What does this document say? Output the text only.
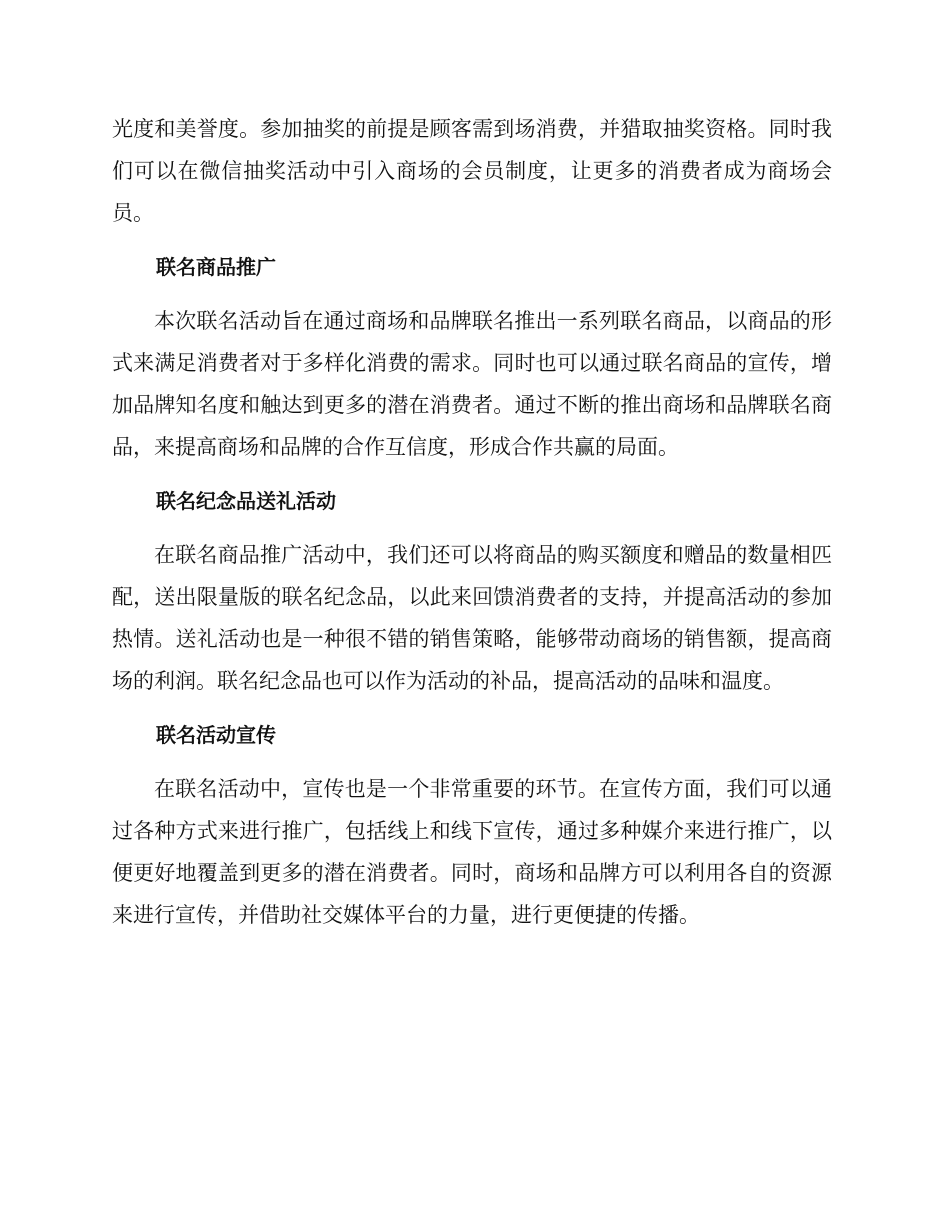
光度和美誉度。参加抽奖的前提是顾客需到场消费，并猎取抽奖资格。同时我们可以在微信抽奖活动中引入商场的会员制度，让更多的消费者成为商场会员。

联名商品推广

本次联名活动旨在通过商场和品牌联名推出一系列联名商品，以商品的形式来满足消费者对于多样化消费的需求。同时也可以通过联名商品的宣传，增加品牌知名度和触达到更多的潜在消费者。通过不断的推出商场和品牌联名商品，来提高商场和品牌的合作互信度，形成合作共赢的局面。

联名纪念品送礼活动

在联名商品推广活动中，我们还可以将商品的购买额度和赠品的数量相匹配，送出限量版的联名纪念品，以此来回馈消费者的支持，并提高活动的参加热情。送礼活动也是一种很不错的销售策略，能够带动商场的销售额，提高商场的利润。联名纪念品也可以作为活动的补品，提高活动的品味和温度。

联名活动宣传

在联名活动中，宣传也是一个非常重要的环节。在宣传方面，我们可以通过各种方式来进行推广，包括线上和线下宣传，通过多种媒介来进行推广，以便更好地覆盖到更多的潜在消费者。同时，商场和品牌方可以利用各自的资源来进行宣传，并借助社交媒体平台的力量，进行更便捷的传播。
